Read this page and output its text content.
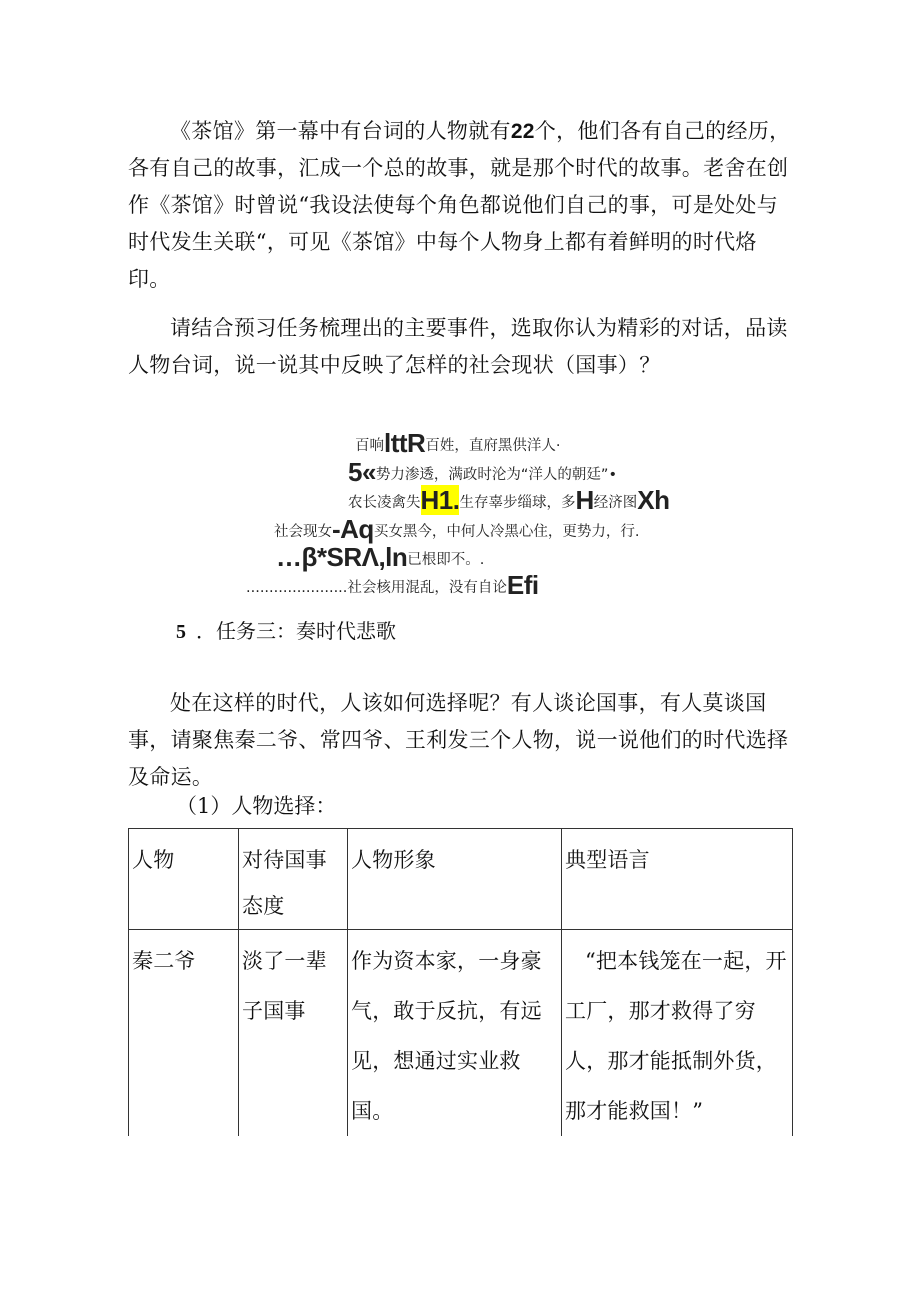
《茶馆》第一幕中有台词的人物就有22个，他们各有自己的经历，各有自己的故事，汇成一个总的故事，就是那个时代的故事。老舍在创作《茶馆》时曾说“我设法使每个角色都说他们自己的事，可是处处与时代发生关联“，可见《茶馆》中每个人物身上都有着鲜明的时代烙印。

请结合预习任务梳理出的主要事件，选取你认为精彩的对话，品读人物台词，说一说其中反映了怎样的社会现状（国事）？

百响lttR百姓，直府黑供洋人·
5«势力渗透，满政时沦为“洋人的朝廷”•
农长凌禽失H1.生存辜步缁球，多H经济图Xh
社会现女-Aq买女黑今，中何人冷黑心住，更势力，行.
…β*SRΛ,ln已根即不。.
......................社会核用混乱，没有自论Efi
5 ．任务三：奏时代悲歌

处在这样的时代，人该如何选择呢？有人谈论国事，有人莫谈国事，请聚焦秦二爷、常四爷、王利发三个人物，说一说他们的时代选择及命运。

（1）人物选择：
人物	对待国事态度	人物形象	典型语言
秦二爷	淡了一辈子国事	作为资本家，一身豪气，敢于反抗，有远见，想通过实业救国。	“把本钱笼在一起，开工厂，那才救得了穷人，那才能抵制外货，那才能救国！”
